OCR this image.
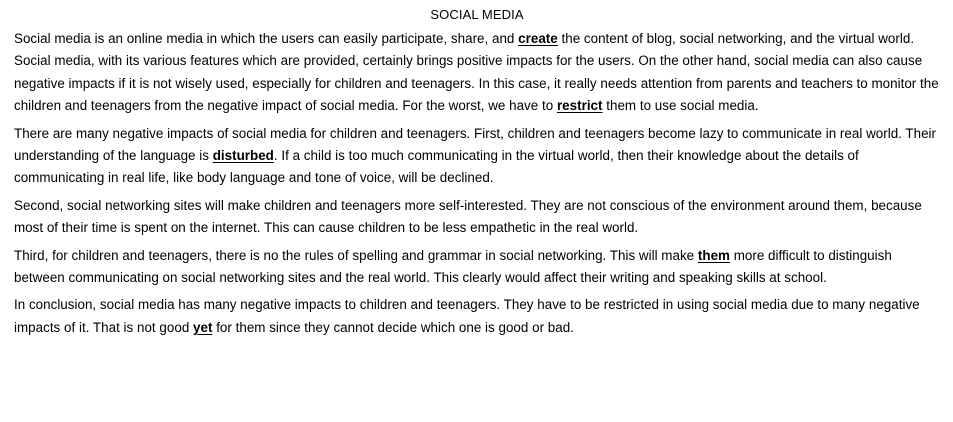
SOCIAL MEDIA

Social media is an online media in which the users can easily participate, share, and create the content of blog, social networking, and the virtual world. Social media, with its various features which are provided, certainly brings positive impacts for the users. On the other hand, social media can also cause negative impacts if it is not wisely used, especially for children and teenagers. In this case, it really needs attention from parents and teachers to monitor the children and teenagers from the negative impact of social media. For the worst, we have to restrict them to use social media.

There are many negative impacts of social media for children and teenagers. First, children and teenagers become lazy to communicate in real world. Their understanding of the language is disturbed. If a child is too much communicating in the virtual world, then their knowledge about the details of communicating in real life, like body language and tone of voice, will be declined.

Second, social networking sites will make children and teenagers more self-interested. They are not conscious of the environment around them, because most of their time is spent on the internet. This can cause children to be less empathetic in the real world.

Third, for children and teenagers, there is no the rules of spelling and grammar in social networking. This will make them more difficult to distinguish between communicating on social networking sites and the real world. This clearly would affect their writing and speaking skills at school.

In conclusion, social media has many negative impacts to children and teenagers. They have to be restricted in using social media due to many negative impacts of it. That is not good yet for them since they cannot decide which one is good or bad.
